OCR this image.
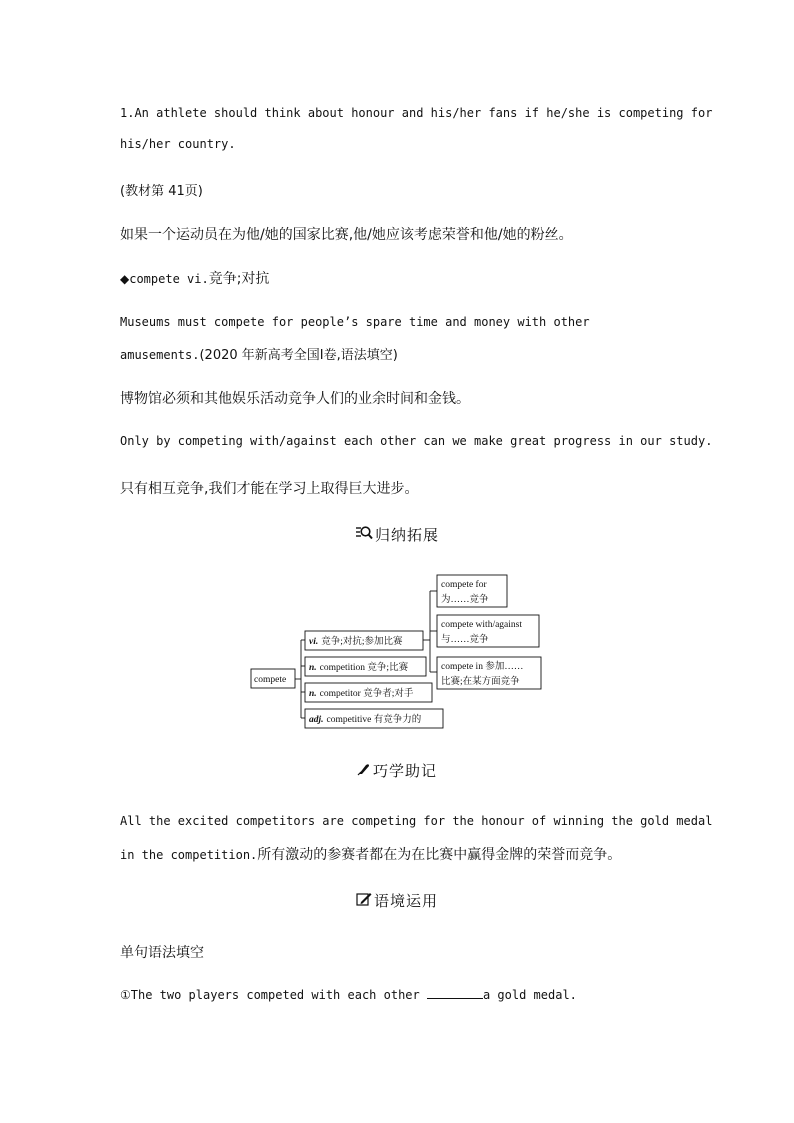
1.An athlete should think about honour and his/her fans if he/she is competing for
his/her country.
(教材第 41页)
如果一个运动员在为他/她的国家比赛,他/她应该考虑荣誉和他/她的粉丝。
◆compete vi.竞争;对抗
Museums must compete for people’s spare time and money with other
amusements.(2020 年新高考全国Ⅰ卷,语法填空)
博物馆必须和其他娱乐活动竞争人们的业余时间和金钱。
Only by competing with/against each other can we make great progress in our study.
只有相互竞争,我们才能在学习上取得巨大进步。
归纳拓展
compete
vi. 竞争;对抗;参加比赛
n. competition 竞争;比赛
n. competitor 竞争者;对手
adj. competitive 有竞争力的
compete for
为……竞争
compete with/against
与……竞争
compete in 参加……
比赛;在某方面竞争
巧学助记
All the excited competitors are competing for the honour of winning the gold medal
in the competition.所有激动的参赛者都在为在比赛中赢得金牌的荣誉而竞争。
语境运用
单句语法填空
①The two players competed with each other	a gold medal.
